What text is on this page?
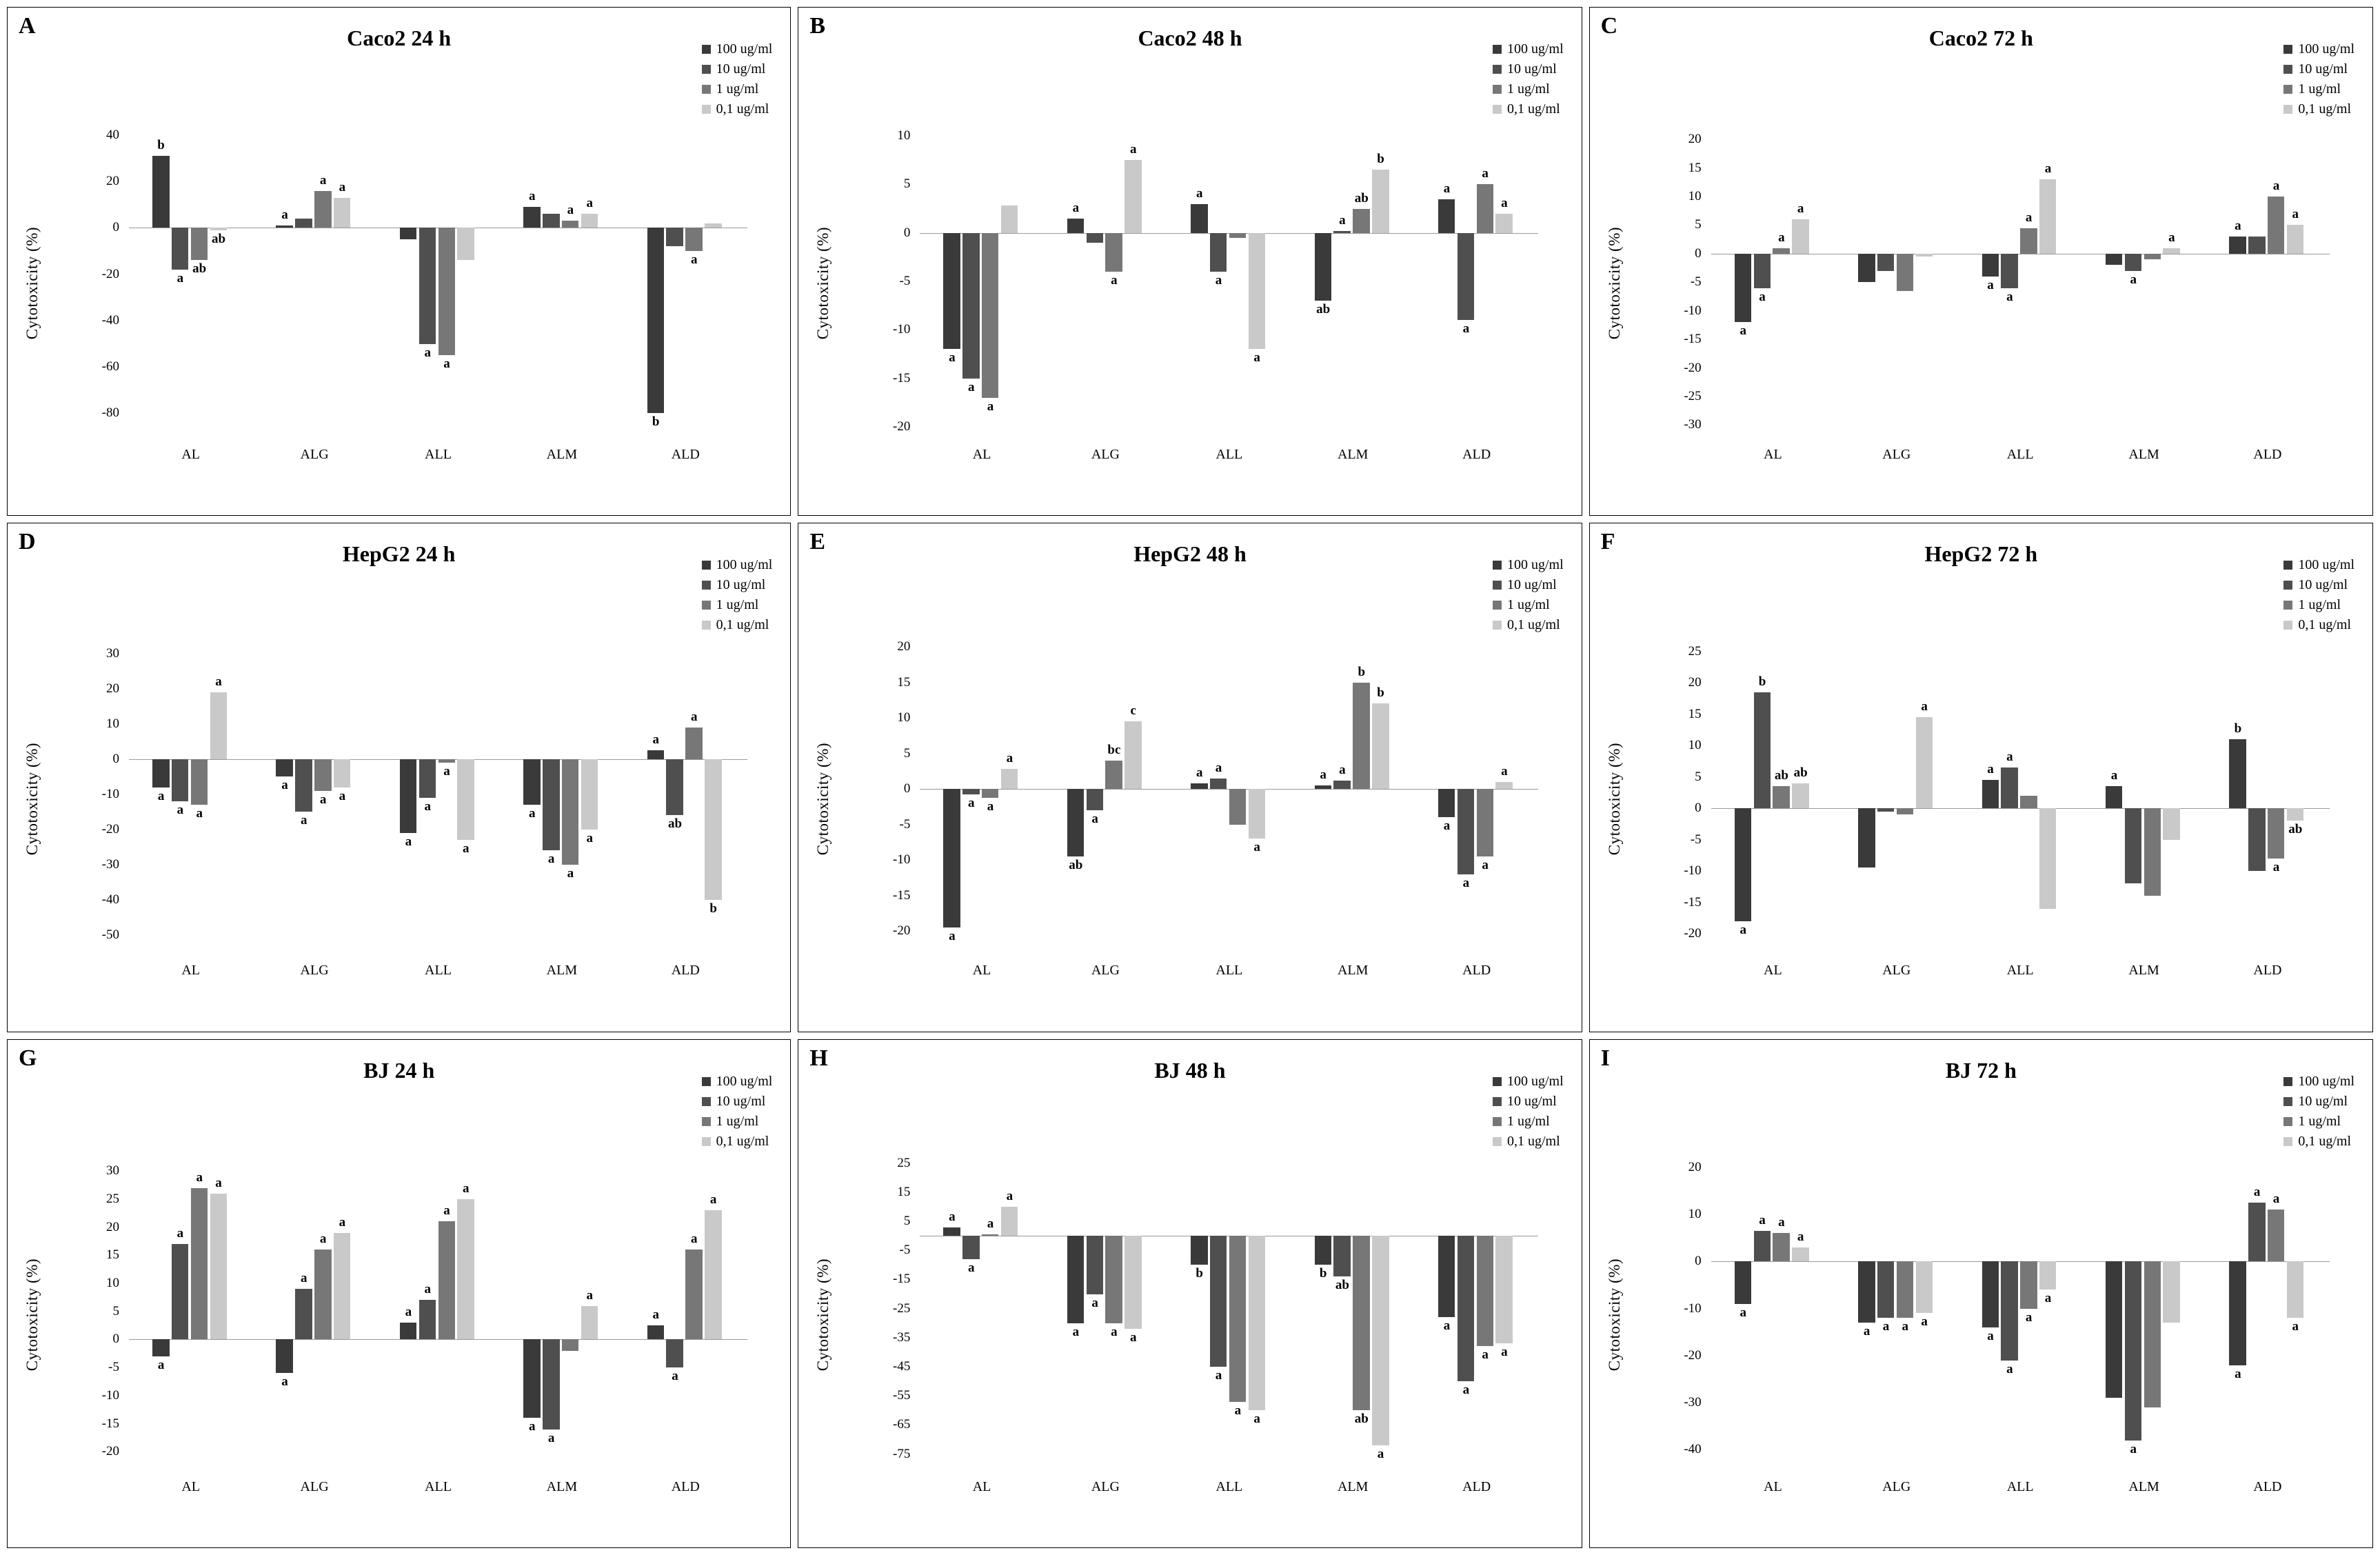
A	Caco2 24 h	100 ug/ml
10 ug/ml
1 ug/ml
0,1 ug/ml
b
a
ab
ab
a
a a
a
a
a
a a
b
a
Cytotoxicity (%)
40
20
0
-20
-40
-60
-80
AL	ALG	ALL	ALM	ALD
B	Caco2 48 h	100 ug/ml
10 ug/ml
1 ug/ml
0,1 ug/ml
a
a
a
a
a
a
a
a
a
ab
a
ab
b
a
a
a
a
Cytotoxicity (%)
10
5
0
-5
-10
-15
-20
AL	ALG	ALL	ALM	ALD
C	Caco2 72 h	100 ug/ml
10 ug/ml
1 ug/ml
0,1 ug/ml
a
a
a
a
a
a
a
a
a
a
a
a
a
Cytotoxicity (%)
20
15
10
5
0
-5
-10
-15
-20
-25
-30
AL	ALG	ALL	ALM	ALD
D	HepG2 24 h	100 ug/ml
10 ug/ml
1 ug/ml
0,1 ug/ml
a
a a
a
a
a
a a
a
a
a
a
a
a
a
a
a
ab
a
b
Cytotoxicity (%)
30
20
10
0
-10
-20
-30
-40
-50
AL	ALG	ALL	ALM	ALD
E	HepG2 48 h	100 ug/ml
10 ug/ml
1 ug/ml
0,1 ug/ml
a
a a
a
ab
a
bc
c
a a
a
a a
b
b
a
a
a
a
Cytotoxicity (%)
20
15
10
5
0
-5
-10
-15
-20
AL	ALG	ALL	ALM	ALD
F	HepG2 72 h	100 ug/ml
10 ug/ml
1 ug/ml
0,1 ug/ml
a
b
ab ab
a
a
a
a
b
a
ab
Cytotoxicity (%)
25
20
15
10
5
0
-5
-10
-15
-20
AL	ALG	ALL	ALM	ALD
G	BJ 24 h	100 ug/ml
10 ug/ml
1 ug/ml
0,1 ug/ml
a
a
a a
a
a
a
a
a
a
a
a
a
a
a
a
a
a
a
Cytotoxicity (%)
30
25
20
15
10
5
0
-5
-10
-15
-20
AL	ALG	ALL	ALM	ALD
H	BJ 48 h	100 ug/ml
10 ug/ml
1 ug/ml
0,1 ug/ml
a
a
a
a
a
a
a a
b
a
a
a
b
ab
ab
a
a
a
a a
Cytotoxicity (%)
25
15
5
-5
-15
-25
-35
-45
-55
-65
-75
AL	ALG	ALL	ALM	ALD
I	BJ 72 h	100 ug/ml
10 ug/ml
1 ug/ml
0,1 ug/ml
a
a a
a
a a a a
a
a
a
a
a
a
a a
a
Cytotoxicity (%)
20
10
0
-10
-20
-30
-40
AL	ALG	ALL	ALM	ALD
